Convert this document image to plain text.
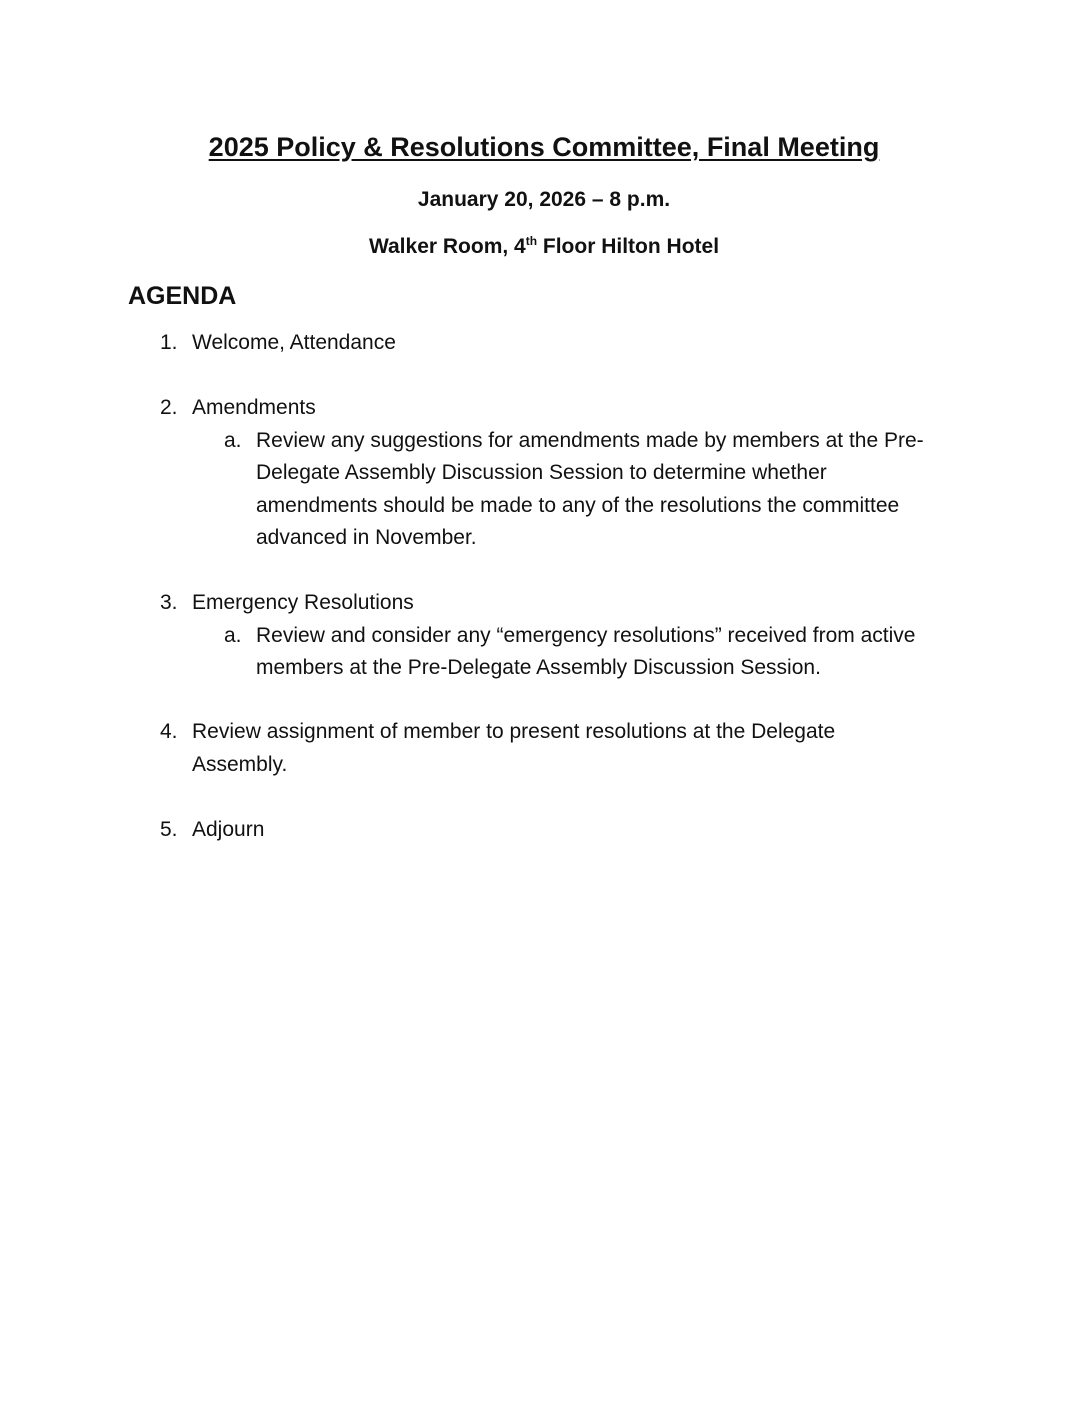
2025 Policy & Resolutions Committee, Final Meeting
January 20, 2026 – 8 p.m.
Walker Room, 4th Floor Hilton Hotel
AGENDA
1. Welcome, Attendance
2. Amendments
a. Review any suggestions for amendments made by members at the Pre-Delegate Assembly Discussion Session to determine whether amendments should be made to any of the resolutions the committee advanced in November.
3. Emergency Resolutions
a. Review and consider any “emergency resolutions” received from active members at the Pre-Delegate Assembly Discussion Session.
4. Review assignment of member to present resolutions at the Delegate Assembly.
5. Adjourn
